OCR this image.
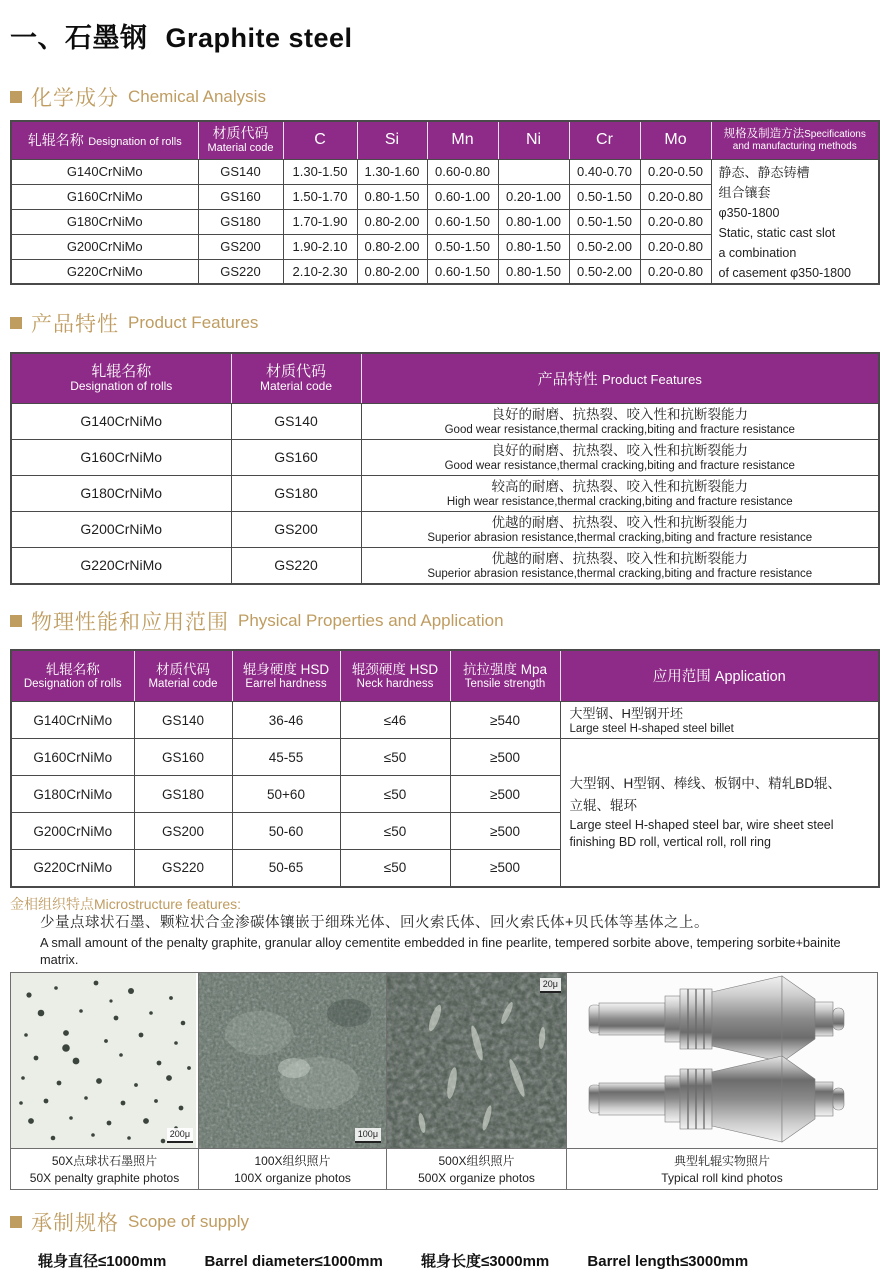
一、石墨钢 Graphite steel
化学成分 Chemical Analysis
轧辊名称 Designation of rolls	材质代码
Material code	C	Si	Mn	Ni	Cr	Mo	规格及制造方法Specifications
and manufacturing methods
G140CrNiMo	GS140	1.30-1.50	1.30-1.60	0.60-0.80		0.40-0.70	0.20-0.50	静态、静态铸槽
组合镶套
φ350-1800
Static, static cast slot
a combination
of casement φ350-1800

G160CrNiMo	GS160	1.50-1.70	0.80-1.50	0.60-1.00	0.20-1.00	0.50-1.50	0.20-0.80	
G180CrNiMo	GS180	1.70-1.90	0.80-2.00	0.60-1.50	0.80-1.00	0.50-1.50	0.20-0.80	
G200CrNiMo	GS200	1.90-2.10	0.80-2.00	0.50-1.50	0.80-1.50	0.50-2.00	0.20-0.80	
G220CrNiMo	GS220	2.10-2.30	0.80-2.00	0.60-1.50	0.80-1.50	0.50-2.00	0.20-0.80	
产品特性 Product Features
轧辊名称
Designation of rolls	材质代码
Material code	产品特性 Product Features
G140CrNiMo	GS140	良好的耐磨、抗热裂、咬入性和抗断裂能力
Good wear resistance,thermal cracking,biting and fracture resistance

G160CrNiMo	GS160	良好的耐磨、抗热裂、咬入性和抗断裂能力
Good wear resistance,thermal cracking,biting and fracture resistance

G180CrNiMo	GS180	较高的耐磨、抗热裂、咬入性和抗断裂能力
High wear resistance,thermal cracking,biting and fracture resistance

G200CrNiMo	GS200	优越的耐磨、抗热裂、咬入性和抗断裂能力
Superior abrasion resistance,thermal cracking,biting and fracture resistance

G220CrNiMo	GS220	优越的耐磨、抗热裂、咬入性和抗断裂能力
Superior abrasion resistance,thermal cracking,biting and fracture resistance
物理性能和应用范围 Physical Properties and Application
轧辊名称
Designation of rolls	材质代码
Material code	辊身硬度 HSD
Earrel hardness	辊颈硬度 HSD
Neck hardness	抗拉强度 Mpa
Tensile strength	应用范围 Application
G140CrNiMo	GS140	36-46	≤46	≥540	大型钢、H型钢开坯
Large steel H-shaped steel billet

G160CrNiMo	GS160	45-55	≤50	≥500	大型钢、H型钢、棒线、板钢中、精轧BD辊、
立辊、辊环
Large steel H-shaped steel bar, wire sheet steel
finishing BD roll, vertical roll, roll ring

G180CrNiMo	GS180	50+60	≤50	≥500	
G200CrNiMo	GS200	50-60	≤50	≥500	
G220CrNiMo	GS220	50-65	≤50	≥500	
金相组织特点Microstructure features:
少量点球状石墨、颗粒状合金渗碳体镶嵌于细珠光体、回火索氏体、回火索氏体+贝氏体等基体之上。
A small amount of the penalty graphite, granular alloy cementite embedded in fine pearlite, tempered sorbite above, tempering sorbite+bainite matrix.
200μ
50X点球状石墨照片
50X penalty graphite photos
100μ
100X组织照片
100X organize photos
20μ
500X组织照片
500X organize photos
典型轧辊实物照片
Typical roll kind photos
承制规格 Scope of supply
辊身直径≤1000mm	Barrel diameter≤1000mm	辊身长度≤3000mm	Barrel length≤3000mm
